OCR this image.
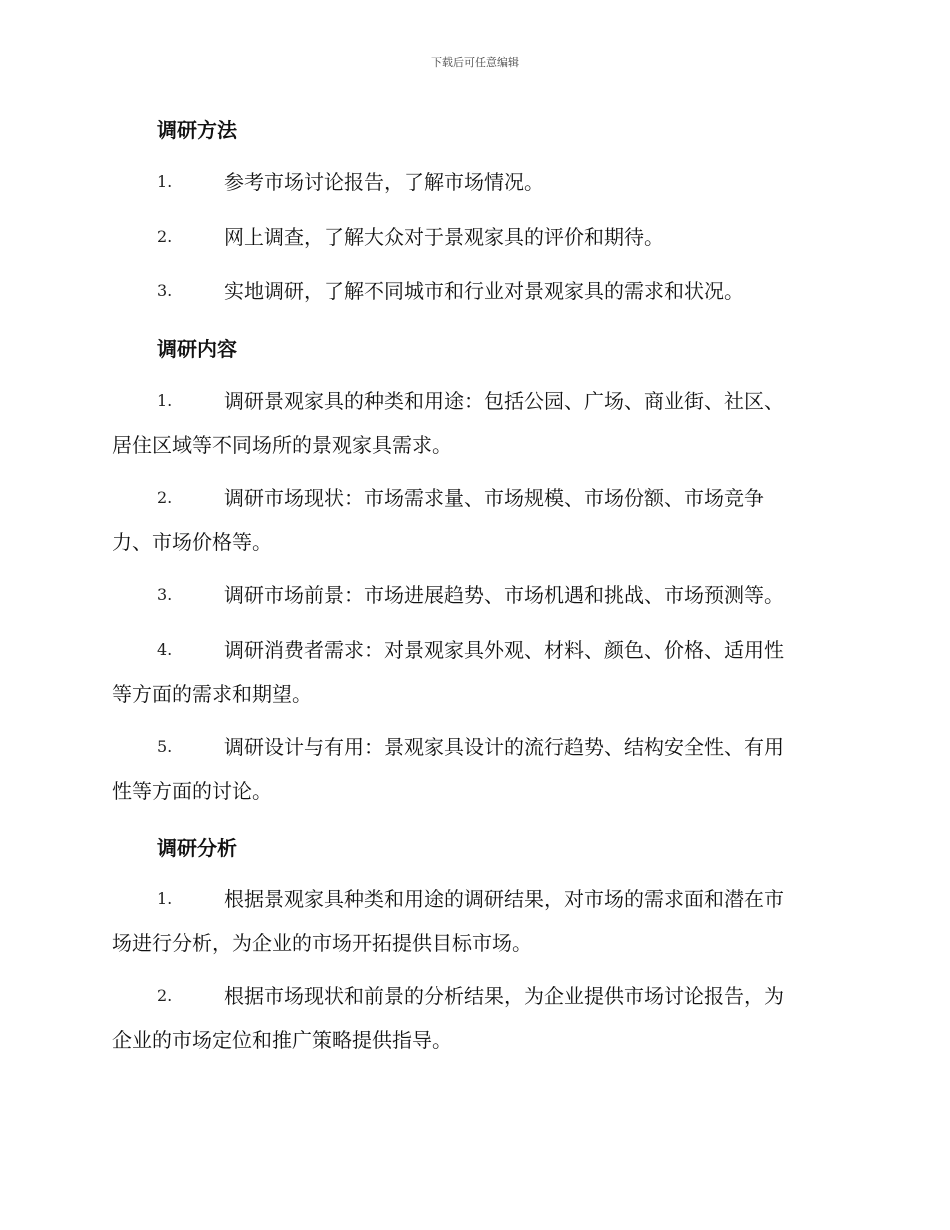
下载后可任意编辑
调研方法
1.	参考市场讨论报告，了解市场情况。
2.	网上调查，了解大众对于景观家具的评价和期待。
3.	实地调研，了解不同城市和行业对景观家具的需求和状况。
调研内容
1.	调研景观家具的种类和用途：包括公园、广场、商业街、社区、
居住区域等不同场所的景观家具需求。
2.	调研市场现状：市场需求量、市场规模、市场份额、市场竞争
力、市场价格等。
3.	调研市场前景：市场进展趋势、市场机遇和挑战、市场预测等。
4.	调研消费者需求：对景观家具外观、材料、颜色、价格、适用性
等方面的需求和期望。
5.	调研设计与有用：景观家具设计的流行趋势、结构安全性、有用
性等方面的讨论。
调研分析
1.	根据景观家具种类和用途的调研结果，对市场的需求面和潜在市
场进行分析，为企业的市场开拓提供目标市场。
2.	根据市场现状和前景的分析结果，为企业提供市场讨论报告，为
企业的市场定位和推广策略提供指导。
